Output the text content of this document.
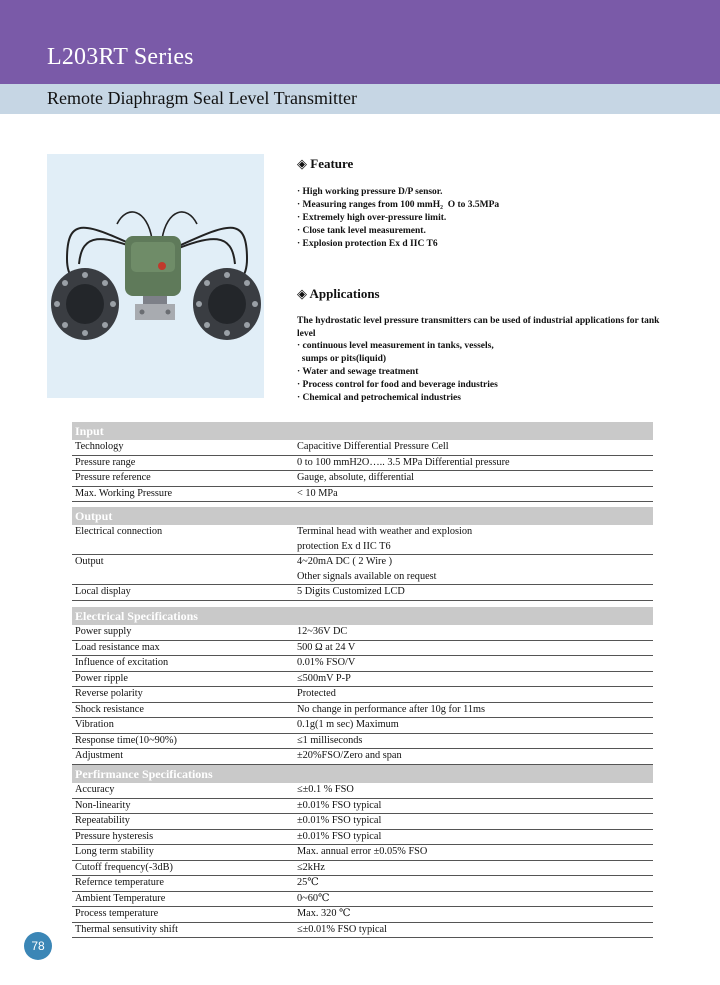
L203RT Series
Remote Diaphragm Seal Level Transmitter
◈ Feature
· High working pressure D/P sensor.
· Measuring ranges from 100 mmH₂  O to 3.5MPa
· Extremely high over-pressure limit.
· Close tank level measurement.
· Explosion protection Ex d IIC T6
◈ Applications
The hydrostatic level pressure transmitters can be used of industrial applications for tank level
· continuous level measurement in tanks, vessels,
sumps or pits(liquid)
· Water and sewage treatment
· Process control for food and beverage industries
· Chemical and petrochemical industries
Input
Technology	Capacitive Differential Pressure Cell
Pressure range	0 to 100 mmH2O….. 3.5 MPa Differential pressure
Pressure reference	Gauge, absolute, differential
Max. Working Pressure	< 10 MPa
Output
Electrical connection	Terminal head with weather and explosion
protection Ex d IIC T6
Output	4~20mA DC ( 2 Wire )
Other signals available on request
Local display	5 Digits Customized LCD
Electrical Specifications
Power supply	12~36V DC
Load resistance max	500 Ω at 24 V
Influence of excitation	0.01% FSO/V
Power ripple	≤500mV P-P
Reverse polarity	Protected
Shock resistance	No change in performance after 10g for 11ms
Vibration	0.1g(1 m sec) Maximum
Response time(10~90%)	≤1 milliseconds
Adjustment	±20%FSO/Zero and span
Perfirmance Specifications
Accuracy	≤±0.1 % FSO
Non-linearity	±0.01% FSO typical
Repeatability	±0.01% FSO typical
Pressure hysteresis	±0.01% FSO typical
Long term stability	Max. annual error ±0.05% FSO
Cutoff frequency(-3dB)	≤2kHz
Refernce temperature	25℃
Ambient Temperature	0~60℃
Process temperature	Max. 320 ℃
Thermal sensutivity shift	≤±0.01% FSO typical
78
